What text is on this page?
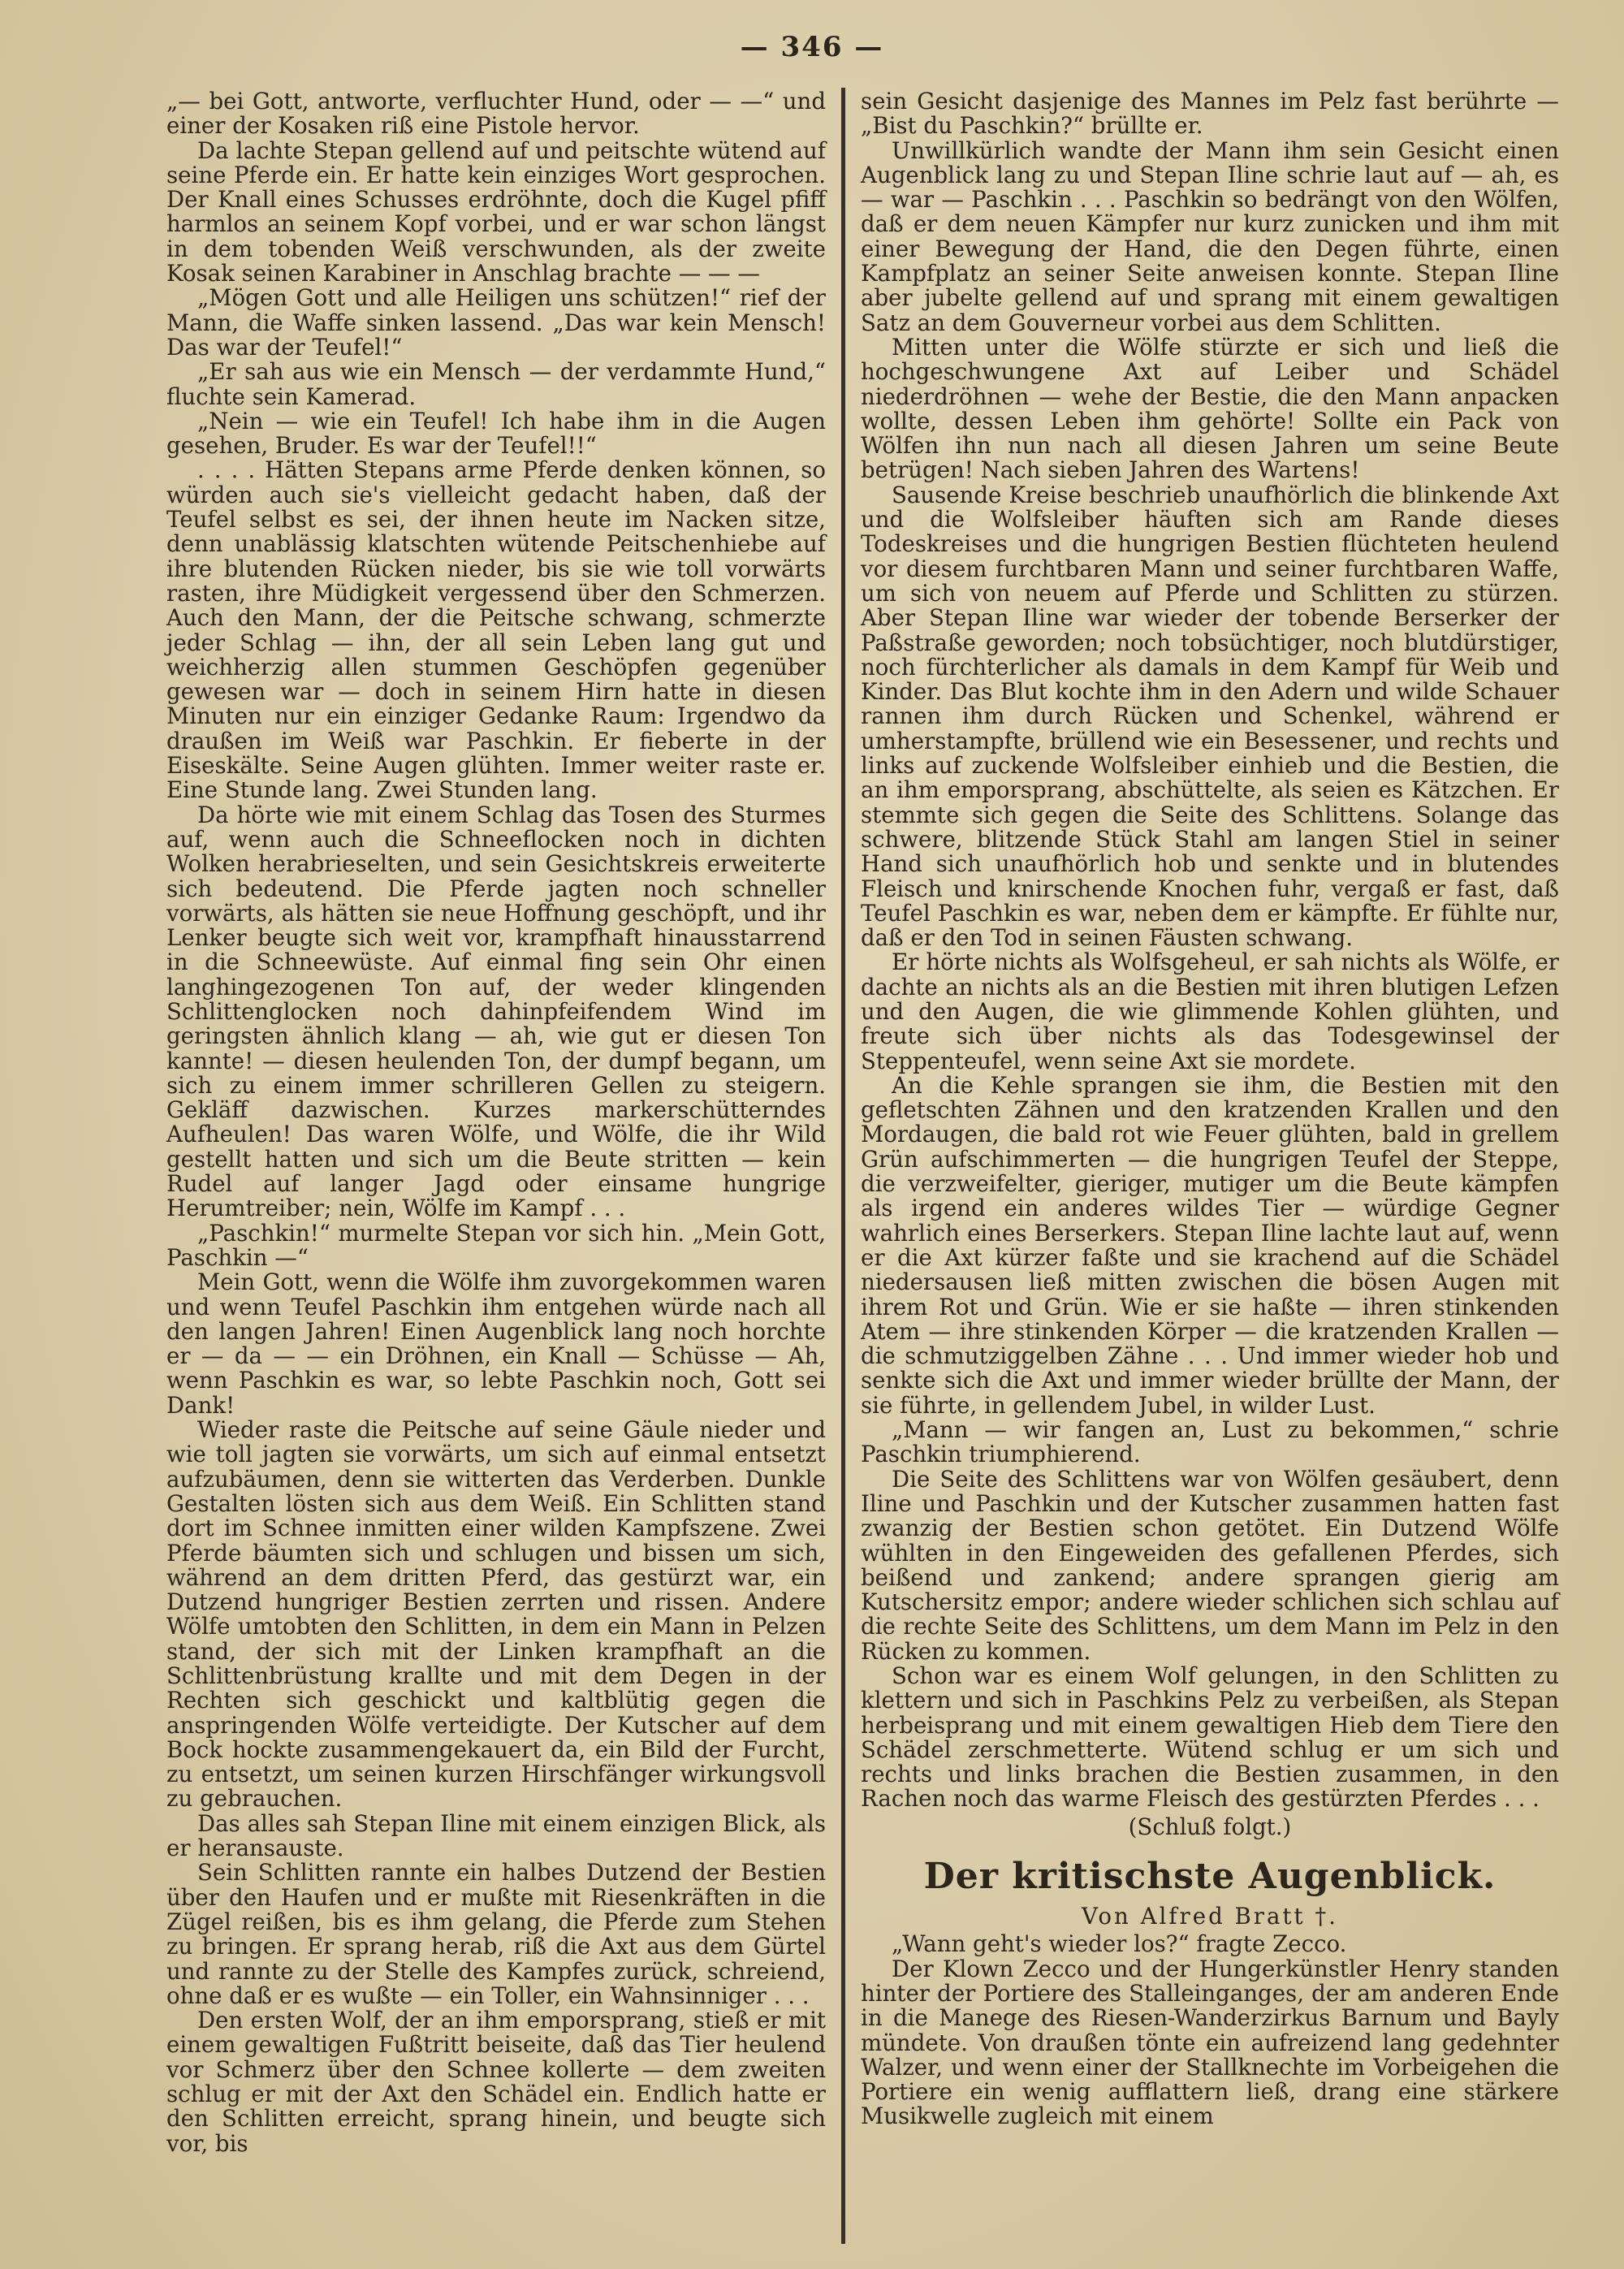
— 346 —

„— bei Gott, antworte, verfluchter Hund, oder — —“ und einer der Kosaken riß eine Pistole hervor.

Da lachte Stepan gellend auf und peitschte wütend auf seine Pferde ein. Er hatte kein einziges Wort gesprochen. Der Knall eines Schusses erdröhnte, doch die Kugel pfiff harmlos an seinem Kopf vorbei, und er war schon längst in dem tobenden Weiß verschwunden, als der zweite Kosak seinen Karabiner in Anschlag brachte — — —

„Mögen Gott und alle Heiligen uns schützen!“ rief der Mann, die Waffe sinken lassend. „Das war kein Mensch! Das war der Teufel!“

„Er sah aus wie ein Mensch — der verdammte Hund,“ fluchte sein Kamerad.

„Nein — wie ein Teufel! Ich habe ihm in die Augen gesehen, Bruder. Es war der Teufel!!“

. . . . Hätten Stepans arme Pferde denken können, so würden auch sie's vielleicht gedacht haben, daß der Teufel selbst es sei, der ihnen heute im Nacken sitze, denn unablässig klatschten wütende Peitschenhiebe auf ihre blutenden Rücken nieder, bis sie wie toll vorwärts rasten, ihre Müdigkeit vergessend über den Schmerzen. Auch den Mann, der die Peitsche schwang, schmerzte jeder Schlag — ihn, der all sein Leben lang gut und weichherzig allen stummen Geschöpfen gegenüber gewesen war — doch in seinem Hirn hatte in diesen Minuten nur ein einziger Gedanke Raum: Irgendwo da draußen im Weiß war Paschkin. Er fieberte in der Eiseskälte. Seine Augen glühten. Immer weiter raste er. Eine Stunde lang. Zwei Stunden lang.

Da hörte wie mit einem Schlag das Tosen des Sturmes auf, wenn auch die Schneeflocken noch in dichten Wolken herabrieselten, und sein Gesichtskreis erweiterte sich bedeutend. Die Pferde jagten noch schneller vorwärts, als hätten sie neue Hoffnung geschöpft, und ihr Lenker beugte sich weit vor, krampfhaft hinausstarrend in die Schneewüste. Auf einmal fing sein Ohr einen langhingezogenen Ton auf, der weder klingenden Schlittenglocken noch dahinpfeifendem Wind im geringsten ähnlich klang — ah, wie gut er diesen Ton kannte! — diesen heulenden Ton, der dumpf begann, um sich zu einem immer schrilleren Gellen zu steigern. Gekläff dazwischen. Kurzes markerschütterndes Aufheulen! Das waren Wölfe, und Wölfe, die ihr Wild gestellt hatten und sich um die Beute stritten — kein Rudel auf langer Jagd oder einsame hungrige Herumtreiber; nein, Wölfe im Kampf . . .

„Paschkin!“ murmelte Stepan vor sich hin. „Mein Gott, Paschkin —“

Mein Gott, wenn die Wölfe ihm zuvorgekommen waren und wenn Teufel Paschkin ihm entgehen würde nach all den langen Jahren! Einen Augenblick lang noch horchte er — da — — ein Dröhnen, ein Knall — Schüsse — Ah, wenn Paschkin es war, so lebte Paschkin noch, Gott sei Dank!

Wieder raste die Peitsche auf seine Gäule nieder und wie toll jagten sie vorwärts, um sich auf einmal entsetzt aufzubäumen, denn sie witterten das Verderben. Dunkle Gestalten lösten sich aus dem Weiß. Ein Schlitten stand dort im Schnee inmitten einer wilden Kampfszene. Zwei Pferde bäumten sich und schlugen und bissen um sich, während an dem dritten Pferd, das gestürzt war, ein Dutzend hungriger Bestien zerrten und rissen. Andere Wölfe umtobten den Schlitten, in dem ein Mann in Pelzen stand, der sich mit der Linken krampfhaft an die Schlittenbrüstung krallte und mit dem Degen in der Rechten sich geschickt und kaltblütig gegen die anspringenden Wölfe verteidigte. Der Kutscher auf dem Bock hockte zusammengekauert da, ein Bild der Furcht, zu entsetzt, um seinen kurzen Hirschfänger wirkungsvoll zu gebrauchen.

Das alles sah Stepan Iline mit einem einzigen Blick, als er heransauste.

Sein Schlitten rannte ein halbes Dutzend der Bestien über den Haufen und er mußte mit Riesenkräften in die Zügel reißen, bis es ihm gelang, die Pferde zum Stehen zu bringen. Er sprang herab, riß die Axt aus dem Gürtel und rannte zu der Stelle des Kampfes zurück, schreiend, ohne daß er es wußte — ein Toller, ein Wahnsinniger . . .

Den ersten Wolf, der an ihm emporsprang, stieß er mit einem gewaltigen Fußtritt beiseite, daß das Tier heulend vor Schmerz über den Schnee kollerte — dem zweiten schlug er mit der Axt den Schädel ein. Endlich hatte er den Schlitten erreicht, sprang hinein, und beugte sich vor, bis

sein Gesicht dasjenige des Mannes im Pelz fast berührte — „Bist du Paschkin?“ brüllte er.

Unwillkürlich wandte der Mann ihm sein Gesicht einen Augenblick lang zu und Stepan Iline schrie laut auf — ah, es — war — Paschkin . . . Paschkin so bedrängt von den Wölfen, daß er dem neuen Kämpfer nur kurz zunicken und ihm mit einer Bewegung der Hand, die den Degen führte, einen Kampfplatz an seiner Seite anweisen konnte. Stepan Iline aber jubelte gellend auf und sprang mit einem gewaltigen Satz an dem Gouverneur vorbei aus dem Schlitten.

Mitten unter die Wölfe stürzte er sich und ließ die hochgeschwungene Axt auf Leiber und Schädel niederdröhnen — wehe der Bestie, die den Mann anpacken wollte, dessen Leben ihm gehörte! Sollte ein Pack von Wölfen ihn nun nach all diesen Jahren um seine Beute betrügen! Nach sieben Jahren des Wartens!

Sausende Kreise beschrieb unaufhörlich die blinkende Axt und die Wolfsleiber häuften sich am Rande dieses Todeskreises und die hungrigen Bestien flüchteten heulend vor diesem furchtbaren Mann und seiner furchtbaren Waffe, um sich von neuem auf Pferde und Schlitten zu stürzen. Aber Stepan Iline war wieder der tobende Berserker der Paßstraße geworden; noch tobsüchtiger, noch blutdürstiger, noch fürchterlicher als damals in dem Kampf für Weib und Kinder. Das Blut kochte ihm in den Adern und wilde Schauer rannen ihm durch Rücken und Schenkel, während er umherstampfte, brüllend wie ein Besessener, und rechts und links auf zuckende Wolfsleiber einhieb und die Bestien, die an ihm emporsprang, abschüttelte, als seien es Kätzchen. Er stemmte sich gegen die Seite des Schlittens. Solange das schwere, blitzende Stück Stahl am langen Stiel in seiner Hand sich unaufhörlich hob und senkte und in blutendes Fleisch und knirschende Knochen fuhr, vergaß er fast, daß Teufel Paschkin es war, neben dem er kämpfte. Er fühlte nur, daß er den Tod in seinen Fäusten schwang.

Er hörte nichts als Wolfsgeheul, er sah nichts als Wölfe, er dachte an nichts als an die Bestien mit ihren blutigen Lefzen und den Augen, die wie glimmende Kohlen glühten, und freute sich über nichts als das Todesgewinsel der Steppenteufel, wenn seine Axt sie mordete.

An die Kehle sprangen sie ihm, die Bestien mit den gefletschten Zähnen und den kratzenden Krallen und den Mordaugen, die bald rot wie Feuer glühten, bald in grellem Grün aufschimmerten — die hungrigen Teufel der Steppe, die verzweifelter, gieriger, mutiger um die Beute kämpfen als irgend ein anderes wildes Tier — würdige Gegner wahrlich eines Berserkers. Stepan Iline lachte laut auf, wenn er die Axt kürzer faßte und sie krachend auf die Schädel niedersausen ließ mitten zwischen die bösen Augen mit ihrem Rot und Grün. Wie er sie haßte — ihren stinkenden Atem — ihre stinkenden Körper — die kratzenden Krallen — die schmutziggelben Zähne . . . Und immer wieder hob und senkte sich die Axt und immer wieder brüllte der Mann, der sie führte, in gellendem Jubel, in wilder Lust.

„Mann — wir fangen an, Lust zu bekommen,“ schrie Paschkin triumphierend.

Die Seite des Schlittens war von Wölfen gesäubert, denn Iline und Paschkin und der Kutscher zusammen hatten fast zwanzig der Bestien schon getötet. Ein Dutzend Wölfe wühlten in den Eingeweiden des gefallenen Pferdes, sich beißend und zankend; andere sprangen gierig am Kutschersitz empor; andere wieder schlichen sich schlau auf die rechte Seite des Schlittens, um dem Mann im Pelz in den Rücken zu kommen.

Schon war es einem Wolf gelungen, in den Schlitten zu klettern und sich in Paschkins Pelz zu verbeißen, als Stepan herbeisprang und mit einem gewaltigen Hieb dem Tiere den Schädel zerschmetterte. Wütend schlug er um sich und rechts und links brachen die Bestien zusammen, in den Rachen noch das warme Fleisch des gestürzten Pferdes . . .

(Schluß folgt.)
Der kritischste Augenblick.

Von Alfred Bratt †.

„Wann geht's wieder los?“ fragte Zecco.

Der Klown Zecco und der Hungerkünstler Henry standen hinter der Portiere des Stalleinganges, der am anderen Ende in die Manege des Riesen-Wanderzirkus Barnum und Bayly mündete. Von draußen tönte ein aufreizend lang gedehnter Walzer, und wenn einer der Stallknechte im Vorbeigehen die Portiere ein wenig aufflattern ließ, drang eine stärkere Musikwelle zugleich mit einem
